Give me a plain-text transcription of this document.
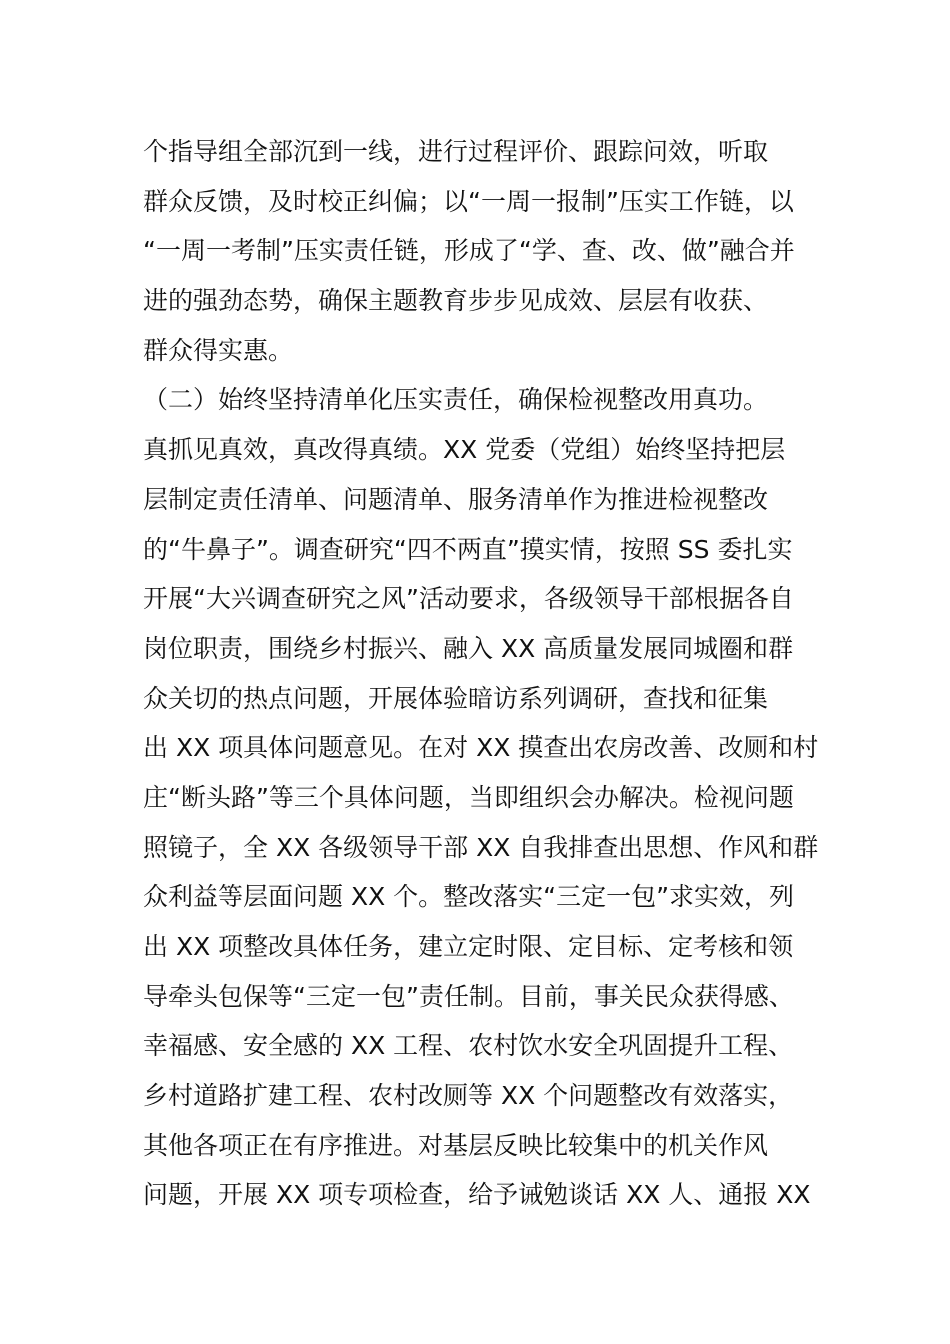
个指导组全部沉到一线，进行过程评价、跟踪问效，听取
群众反馈，及时校正纠偏；以“一周一报制”压实工作链，以
“一周一考制”压实责任链，形成了“学、查、改、做”融合并
进的强劲态势，确保主题教育步步见成效、层层有收获、
群众得实惠。
（二）始终坚持清单化压实责任，确保检视整改用真功。
真抓见真效，真改得真绩。XX 党委（党组）始终坚持把层
层制定责任清单、问题清单、服务清单作为推进检视整改
的“牛鼻子”。调查研究“四不两直”摸实情，按照 SS 委扎实
开展“大兴调查研究之风”活动要求，各级领导干部根据各自
岗位职责，围绕乡村振兴、融入 XX 高质量发展同城圈和群
众关切的热点问题，开展体验暗访系列调研，查找和征集
出 XX 项具体问题意见。在对 XX 摸查出农房改善、改厕和村
庄“断头路”等三个具体问题，当即组织会办解决。检视问题
照镜子，全 XX 各级领导干部 XX 自我排查出思想、作风和群
众利益等层面问题 XX 个。整改落实“三定一包”求实效，列
出 XX 项整改具体任务，建立定时限、定目标、定考核和领
导牵头包保等“三定一包”责任制。目前，事关民众获得感、
幸福感、安全感的 XX 工程、农村饮水安全巩固提升工程、
乡村道路扩建工程、农村改厕等 XX 个问题整改有效落实，
其他各项正在有序推进。对基层反映比较集中的机关作风
问题，开展 XX 项专项检查，给予诫勉谈话 XX 人、通报 XX
